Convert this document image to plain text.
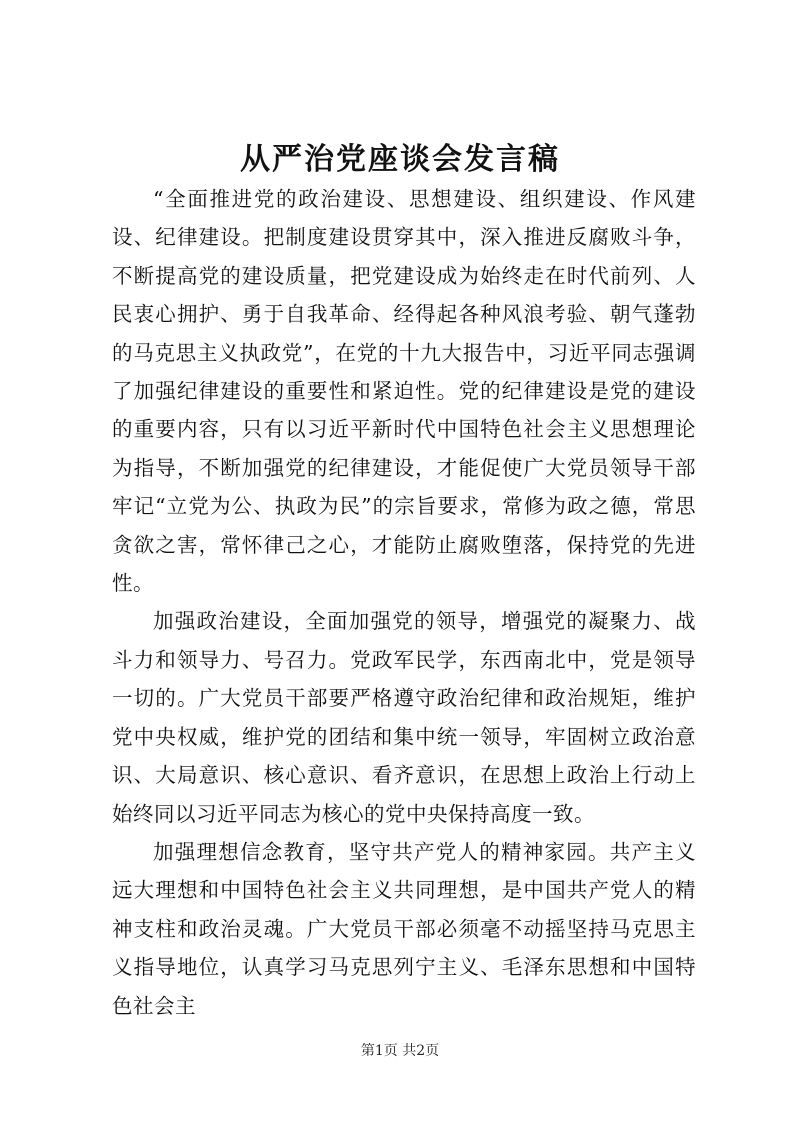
从严治党座谈会发言稿

“全面推进党的政治建设、思想建设、组织建设、作风建设、纪律建设。把制度建设贯穿其中，深入推进反腐败斗争，不断提高党的建设质量，把党建设成为始终走在时代前列、人民衷心拥护、勇于自我革命、经得起各种风浪考验、朝气蓬勃的马克思主义执政党”，在党的十九大报告中，习近平同志强调了加强纪律建设的重要性和紧迫性。党的纪律建设是党的建设的重要内容，只有以习近平新时代中国特色社会主义思想理论为指导，不断加强党的纪律建设，才能促使广大党员领导干部牢记“立党为公、执政为民”的宗旨要求，常修为政之德，常思贪欲之害，常怀律己之心，才能防止腐败堕落，保持党的先进性。

加强政治建设，全面加强党的领导，增强党的凝聚力、战斗力和领导力、号召力。党政军民学，东西南北中，党是领导一切的。广大党员干部要严格遵守政治纪律和政治规矩，维护党中央权威，维护党的团结和集中统一领导，牢固树立政治意识、大局意识、核心意识、看齐意识，在思想上政治上行动上始终同以习近平同志为核心的党中央保持高度一致。

加强理想信念教育，坚守共产党人的精神家园。共产主义远大理想和中国特色社会主义共同理想，是中国共产党人的精神支柱和政治灵魂。广大党员干部必须毫不动摇坚持马克思主义指导地位，认真学习马克思列宁主义、毛泽东思想和中国特色社会主

第1页 共2页
